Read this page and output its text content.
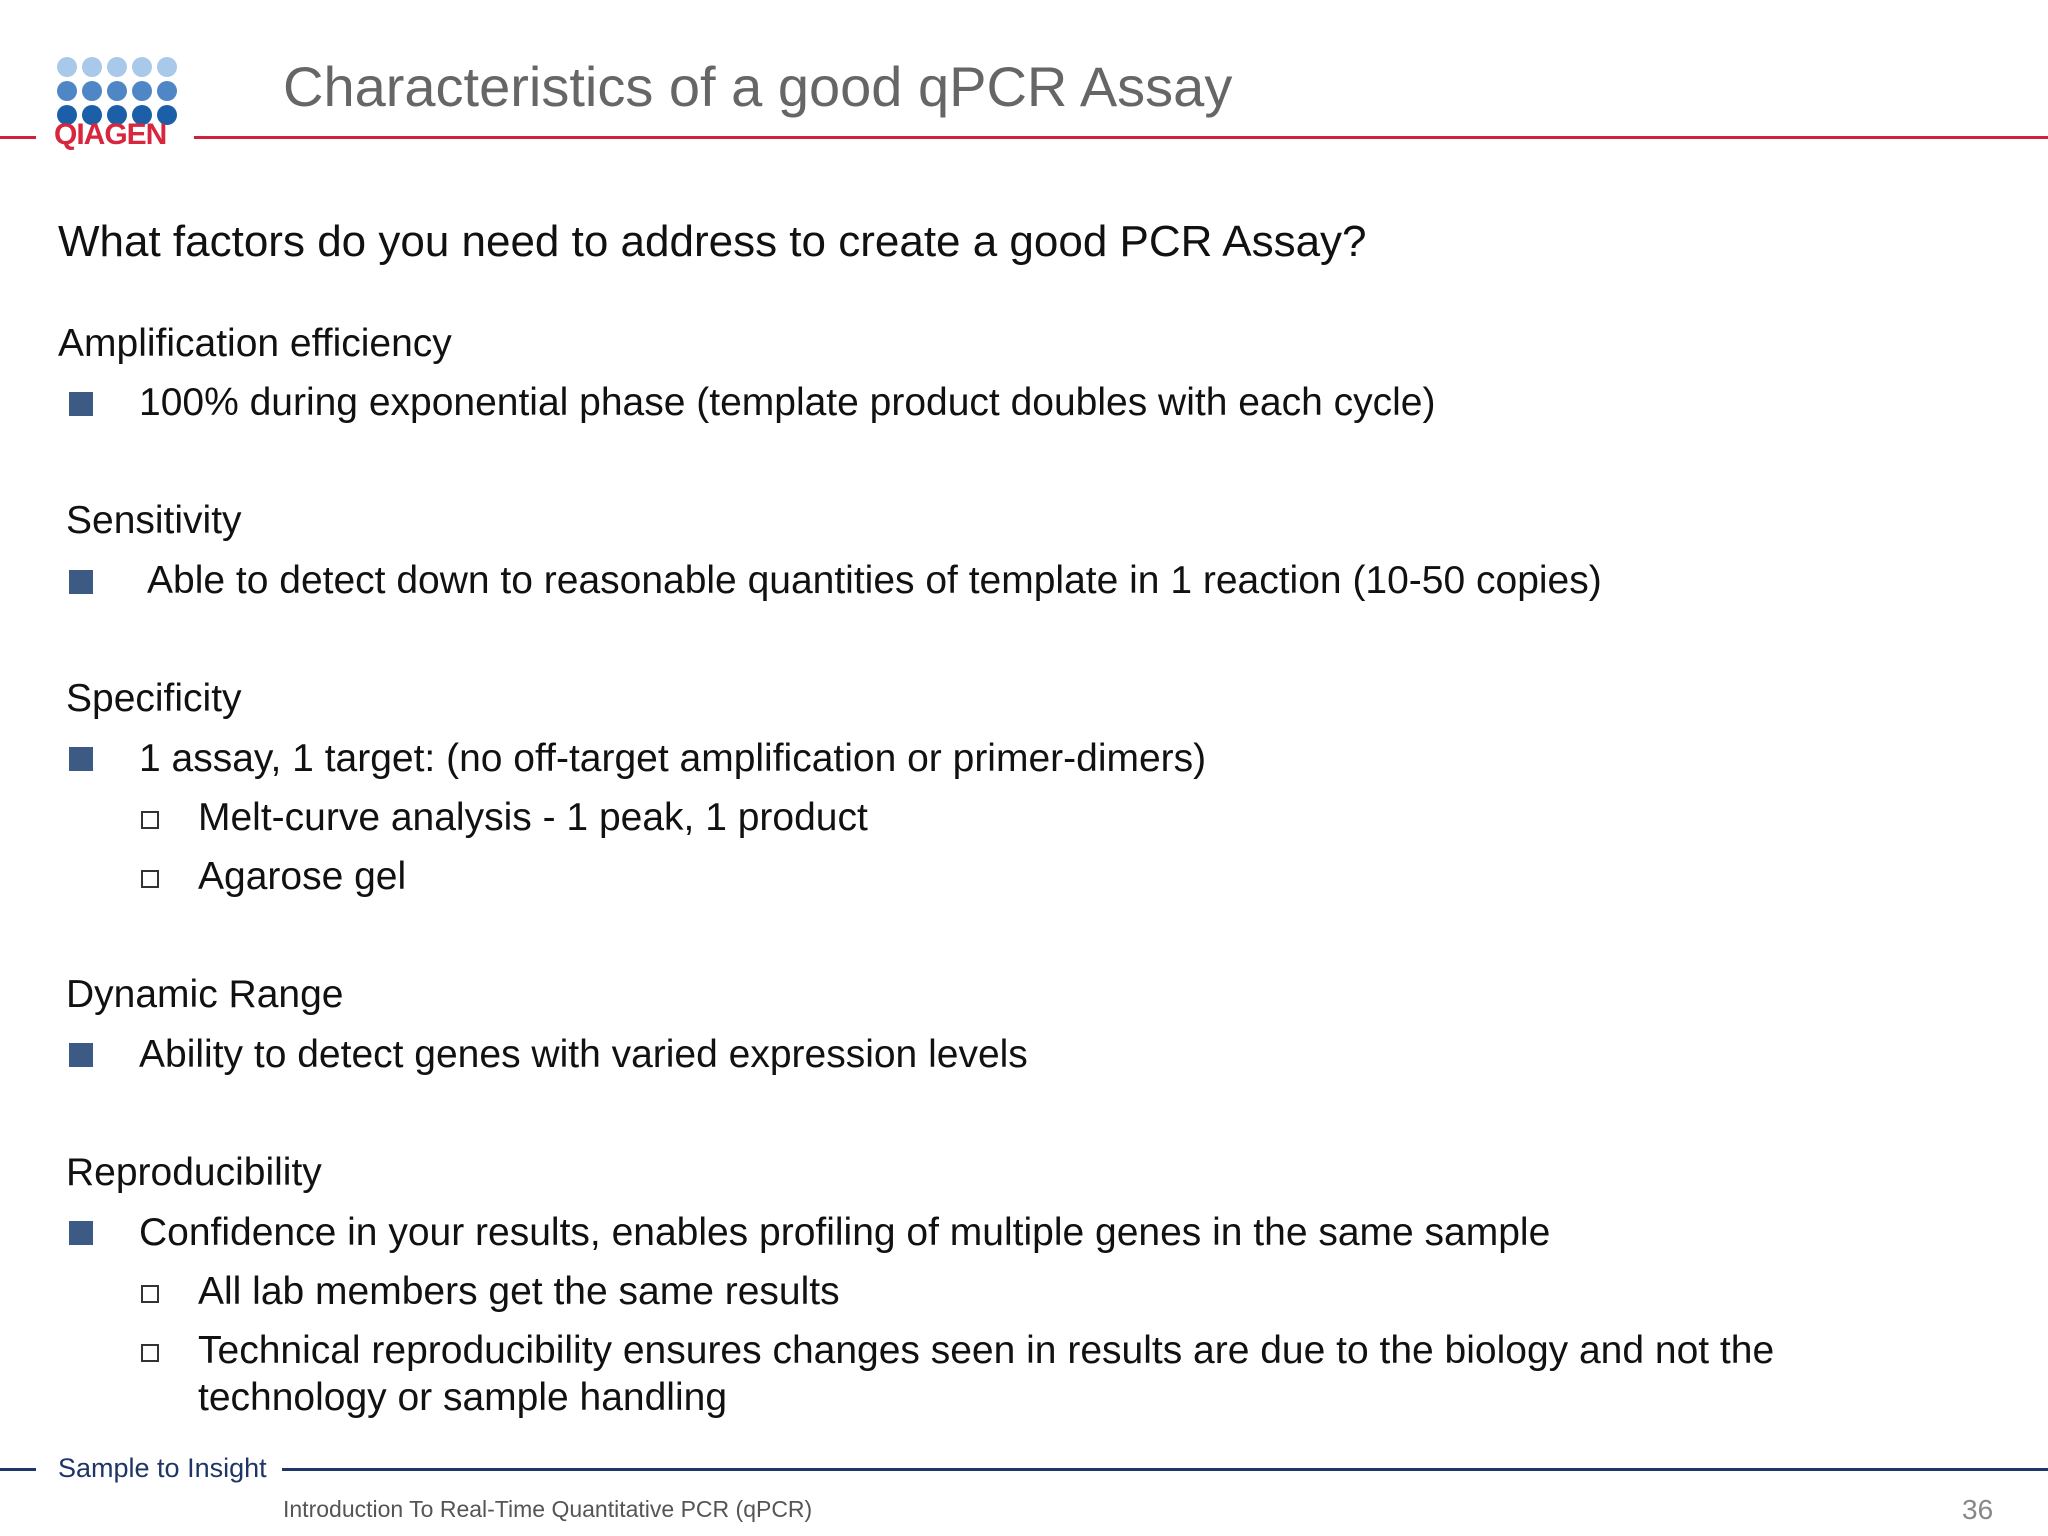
QIAGEN
Characteristics of a good qPCR Assay
What factors do you need to address to create a good PCR Assay?
Amplification efficiency
100% during exponential phase (template product doubles with each cycle)
Sensitivity
Able to detect down to reasonable quantities of template in 1 reaction (10-50 copies)
Specificity
1 assay, 1 target: (no off-target amplification or primer-dimers)
Melt-curve analysis - 1 peak, 1 product
Agarose gel
Dynamic Range
Ability to detect genes with varied expression levels
Reproducibility
Confidence in your results, enables profiling of multiple genes in the same sample
All lab members get the same results
Technical reproducibility ensures changes seen in results are due to the biology and not the
technology or sample handling
Sample to Insight
Introduction To Real-Time Quantitative PCR (qPCR)	36
